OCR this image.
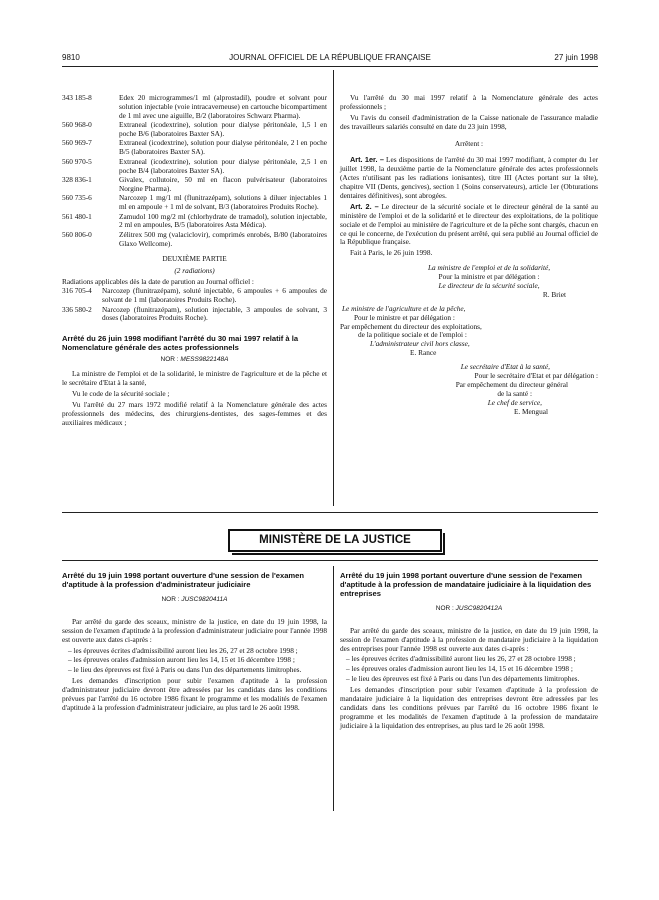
9810	JOURNAL OFFICIEL DE LA RÉPUBLIQUE FRANÇAISE	27 juin 1998
343 185-8	Edex 20 microgrammes/1 ml (alprostadil), poudre et solvant pour solution injectable (voie intracaverneuse) en cartouche bicompartiment de 1 ml avec une aiguille, B/2 (laboratoires Schwarz Pharma).
560 968-0	Extraneal (icodextrine), solution pour dialyse péritonéale, 1,5 l en poche B/6 (laboratoires Baxter SA).
560 969-7	Extraneal (icodextrine), solution pour dialyse péritonéale, 2 l en poche B/5 (laboratoires Baxter SA).
560 970-5	Extraneal (icodextrine), solution pour dialyse péritonéale, 2,5 l en poche B/4 (laboratoires Baxter SA).
328 836-1	Givalex, collutoire, 50 ml en flacon pulvérisateur (laboratoires Norgine Pharma).
560 735-6	Narcozep 1 mg/1 ml (flunitrazépam), solutions à diluer injectables 1 ml en ampoule + 1 ml de solvant, B/3 (laboratoires Produits Roche).
561 480-1	Zamudol 100 mg/2 ml (chlorhydrate de tramadol), solution injectable, 2 ml en ampoules, B/5 (laboratoires Asta Médica).
560 806-0	Zélitrex 500 mg (valaciclovir), comprimés enrobés, B/80 (laboratoires Glaxo Wellcome).
DEUXIÈME PARTIE
(2 radiations)
Radiations applicables dès la date de parution au Journal officiel :
316 705-4	Narcozep (flunitrazépam), soluté injectable, 6 ampoules + 6 ampoules de solvant de 1 ml (laboratoires Produits Roche).
336 580-2	Narcozep (flunitrazépam), solution injectable, 3 ampoules de solvant, 3 doses (laboratoires Produits Roche).

Arrêté du 26 juin 1998 modifiant l'arrêté du 30 mai 1997 relatif à la Nomenclature générale des actes professionnels

NOR : MESS9822148A

La ministre de l'emploi et de la solidarité, le ministre de l'agriculture et de la pêche et le secrétaire d'Etat à la santé,

Vu le code de la sécurité sociale ;

Vu l'arrêté du 27 mars 1972 modifié relatif à la Nomenclature générale des actes professionnels des médecins, des chirurgiens-dentistes, des sages-femmes et des auxiliaires médicaux ;

Vu l'arrêté du 30 mai 1997 relatif à la Nomenclature générale des actes professionnels ;

Vu l'avis du conseil d'administration de la Caisse nationale de l'assurance maladie des travailleurs salariés consulté en date du 23 juin 1998,

Arrêtent :

Art. 1er. – Les dispositions de l'arrêté du 30 mai 1997 modifiant, à compter du 1er juillet 1998, la deuxième partie de la Nomenclature générale des actes professionnels (Actes n'utilisant pas les radiations ionisantes), titre III (Actes portant sur la tête), chapitre VII (Dents, gencives), section 1 (Soins conservateurs), article 1er (Obturations dentaires définitives), sont abrogées.

Art. 2. – Le directeur de la sécurité sociale et le directeur général de la santé au ministère de l'emploi et de la solidarité et le directeur des exploitations, de la politique sociale et de l'emploi au ministère de l'agriculture et de la pêche sont chargés, chacun en ce qui le concerne, de l'exécution du présent arrêté, qui sera publié au Journal officiel de la République française.

Fait à Paris, le 26 juin 1998.

La ministre de l'emploi et de la solidarité,
Pour la ministre et par délégation :
Le directeur de la sécurité sociale,
R. Briet
Le ministre de l'agriculture et de la pêche,
Pour le ministre et par délégation :
Par empêchement du directeur des exploitations,
de la politique sociale et de l'emploi :
L'administrateur civil hors classe,
E. Rance
Le secrétaire d'Etat à la santé,
Pour le secrétaire d'Etat et par délégation :
Par empêchement du directeur général
de la santé :
Le chef de service,
E. Mengual
MINISTÈRE DE LA JUSTICE

Arrêté du 19 juin 1998 portant ouverture d'une session de l'examen d'aptitude à la profession d'administrateur judiciaire

NOR : JUSC9820411A

Par arrêté du garde des sceaux, ministre de la justice, en date du 19 juin 1998, la session de l'examen d'aptitude à la profession d'administrateur judiciaire pour l'année 1998 est ouverte aux dates ci-après :

– les épreuves écrites d'admissibilité auront lieu les 26, 27 et 28 octobre 1998 ;
– les épreuves orales d'admission auront lieu les 14, 15 et 16 décembre 1998 ;
– le lieu des épreuves est fixé à Paris ou dans l'un des départements limitrophes.

Les demandes d'inscription pour subir l'examen d'aptitude à la profession d'administrateur judiciaire devront être adressées par les candidats dans les conditions prévues par l'arrêté du 16 octobre 1986 fixant le programme et les modalités de l'examen d'aptitude à la profession d'administrateur judiciaire, au plus tard le 26 août 1998.

Arrêté du 19 juin 1998 portant ouverture d'une session de l'examen d'aptitude à la profession de mandataire judiciaire à la liquidation des entreprises

NOR : JUSC9820412A

Par arrêté du garde des sceaux, ministre de la justice, en date du 19 juin 1998, la session de l'examen d'aptitude à la profession de mandataire judiciaire à la liquidation des entreprises pour l'année 1998 est ouverte aux dates ci-après :

– les épreuves écrites d'admissibilité auront lieu les 26, 27 et 28 octobre 1998 ;
– les épreuves orales d'admission auront lieu les 14, 15 et 16 décembre 1998 ;
– le lieu des épreuves est fixé à Paris ou dans l'un des départements limitrophes.

Les demandes d'inscription pour subir l'examen d'aptitude à la profession de mandataire judiciaire à la liquidation des entreprises devront être adressées par les candidats dans les conditions prévues par l'arrêté du 16 octobre 1986 fixant le programme et les modalités de l'examen d'aptitude à la profession de mandataire judiciaire à la liquidation des entreprises, au plus tard le 26 août 1998.
